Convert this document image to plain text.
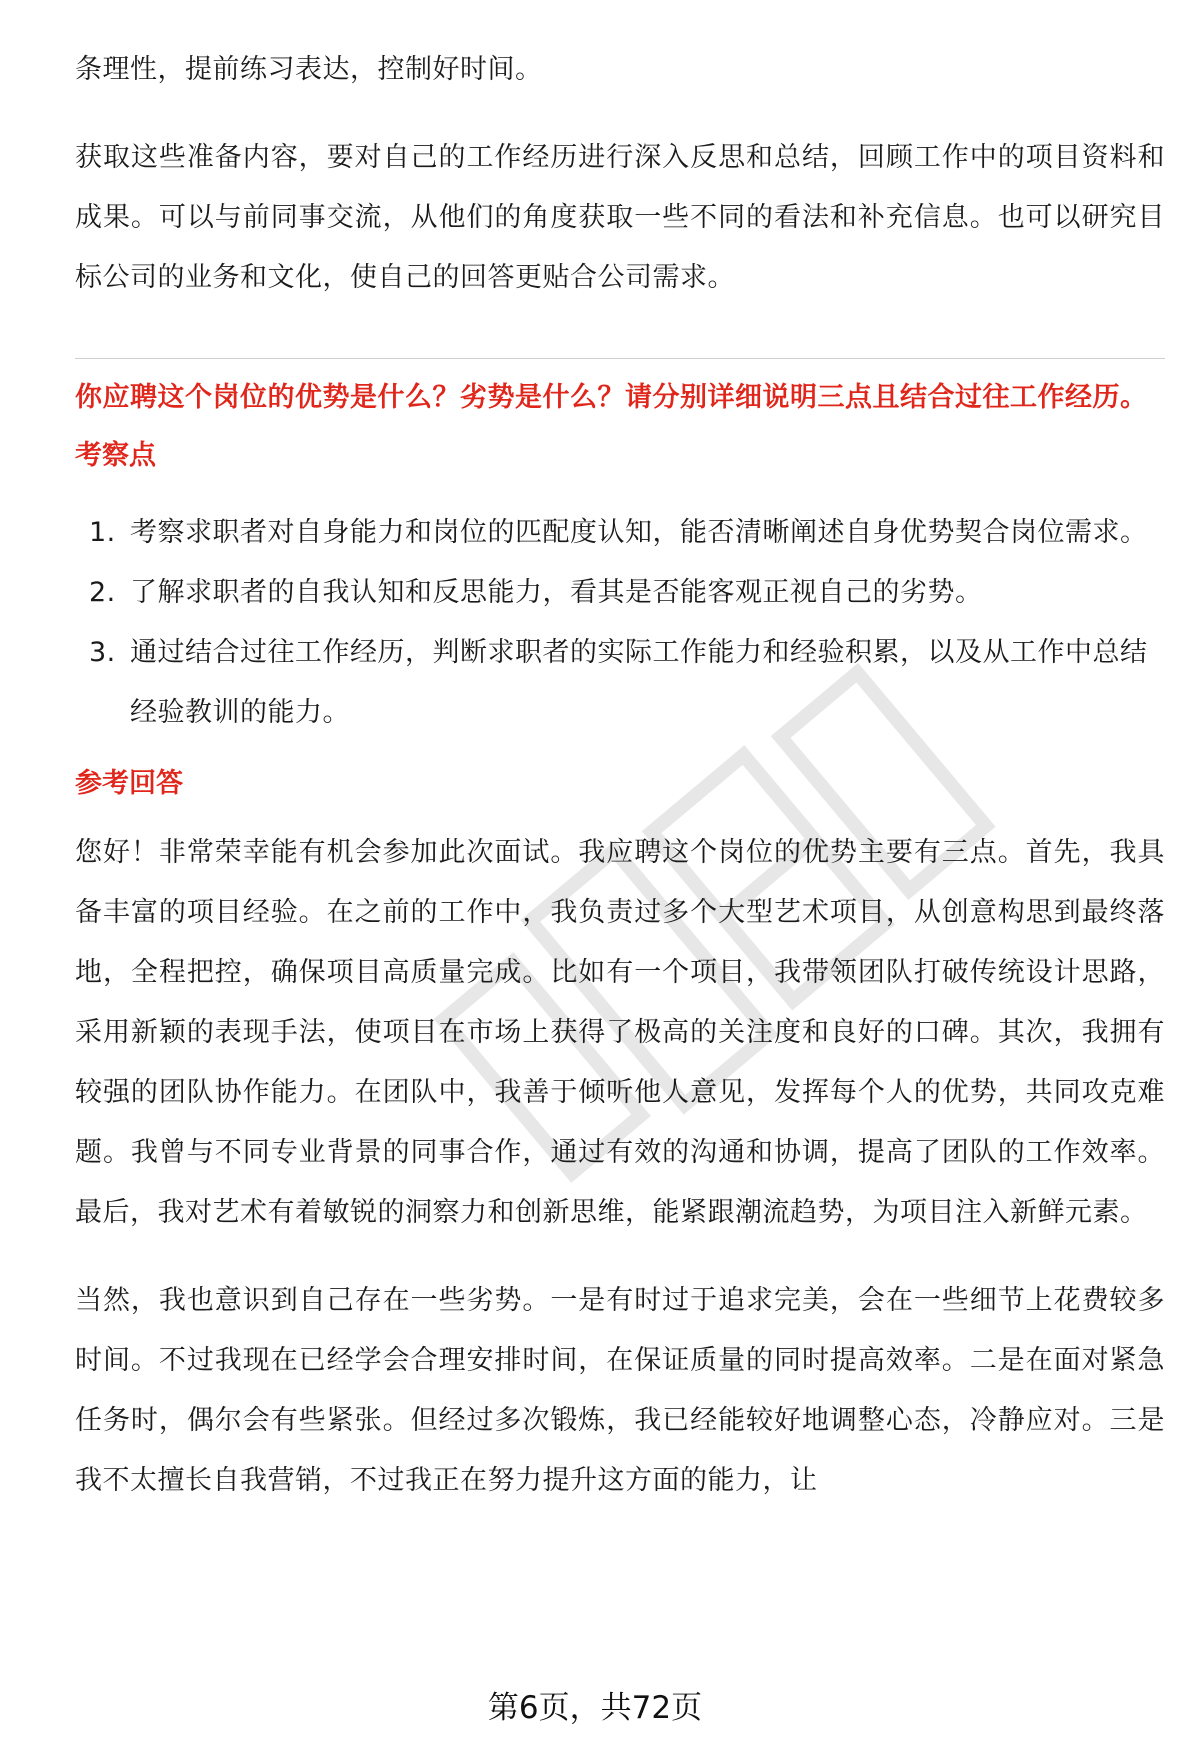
条理性，提前练习表达，控制好时间。

获取这些准备内容，要对自己的工作经历进行深入反思和总结，回顾工作中的项目资料和成果。可以与前同事交流，从他们的角度获取一些不同的看法和补充信息。也可以研究目标公司的业务和文化，使自己的回答更贴合公司需求。

你应聘这个岗位的优势是什么？劣势是什么？请分别详细说明三点且结合过往工作经历。

考察点
1. 考察求职者对自身能力和岗位的匹配度认知，能否清晰阐述自身优势契合岗位需求。
2. 了解求职者的自我认知和反思能力，看其是否能客观正视自己的劣势。
3. 通过结合过往工作经历，判断求职者的实际工作能力和经验积累，以及从工作中总结经验教训的能力。
参考回答

您好！非常荣幸能有机会参加此次面试。我应聘这个岗位的优势主要有三点。首先，我具备丰富的项目经验。在之前的工作中，我负责过多个大型艺术项目，从创意构思到最终落地，全程把控，确保项目高质量完成。比如有一个项目，我带领团队打破传统设计思路，采用新颖的表现手法，使项目在市场上获得了极高的关注度和良好的口碑。其次，我拥有较强的团队协作能力。在团队中，我善于倾听他人意见，发挥每个人的优势，共同攻克难题。我曾与不同专业背景的同事合作，通过有效的沟通和协调，提高了团队的工作效率。最后，我对艺术有着敏锐的洞察力和创新思维，能紧跟潮流趋势，为项目注入新鲜元素。

当然，我也意识到自己存在一些劣势。一是有时过于追求完美，会在一些细节上花费较多时间。不过我现在已经学会合理安排时间，在保证质量的同时提高效率。二是在面对紧急任务时，偶尔会有些紧张。但经过多次锻炼，我已经能较好地调整心态，冷静应对。三是我不太擅长自我营销，不过我正在努力提升这方面的能力，让

第6页，共72页
